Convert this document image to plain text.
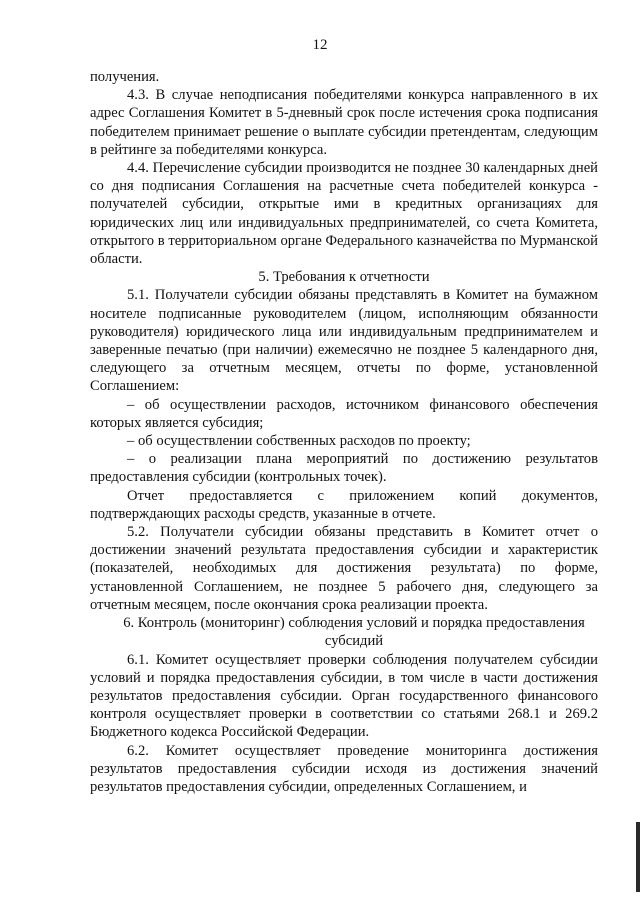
12

получения.

4.3. В случае неподписания победителями конкурса направленного в их адрес Соглашения Комитет в 5-дневный срок после истечения срока подписания победителем принимает решение о выплате субсидии претендентам, следующим в рейтинге за победителями конкурса.

4.4. Перечисление субсидии производится не позднее 30 календарных дней со дня подписания Соглашения на расчетные счета победителей конкурса - получателей субсидии, открытые ими в кредитных организациях для юридических лиц или индивидуальных предпринимателей, со счета Комитета, открытого в территориальном органе Федерального казначейства по Мурманской области.

5. Требования к отчетности

5.1. Получатели субсидии обязаны представлять в Комитет на бумажном носителе подписанные руководителем (лицом, исполняющим обязанности руководителя) юридического лица или индивидуальным предпринимателем и заверенные печатью (при наличии) ежемесячно не позднее 5 календарного дня, следующего за отчетным месяцем, отчеты по форме, установленной Соглашением:

– об осуществлении расходов, источником финансового обеспечения которых является субсидия;

– об осуществлении собственных расходов по проекту;

– о реализации плана мероприятий по достижению результатов предоставления субсидии (контрольных точек).

Отчет предоставляется с приложением копий документов, подтверждающих расходы средств, указанные в отчете.

5.2. Получатели субсидии обязаны представить в Комитет отчет о достижении значений результата предоставления субсидии и характеристик (показателей, необходимых для достижения результата) по форме, установленной Соглашением, не позднее 5 рабочего дня, следующего за отчетным месяцем, после окончания срока реализации проекта.

6. Контроль (мониторинг) соблюдения условий и порядка предоставления субсидий

6.1. Комитет осуществляет проверки соблюдения получателем субсидии условий и порядка предоставления субсидии, в том числе в части достижения результатов предоставления субсидии. Орган государственного финансового контроля осуществляет проверки в соответствии со статьями 268.1 и 269.2 Бюджетного кодекса Российской Федерации.

6.2. Комитет осуществляет проведение мониторинга достижения результатов предоставления субсидии исходя из достижения значений результатов предоставления субсидии, определенных Соглашением, и
